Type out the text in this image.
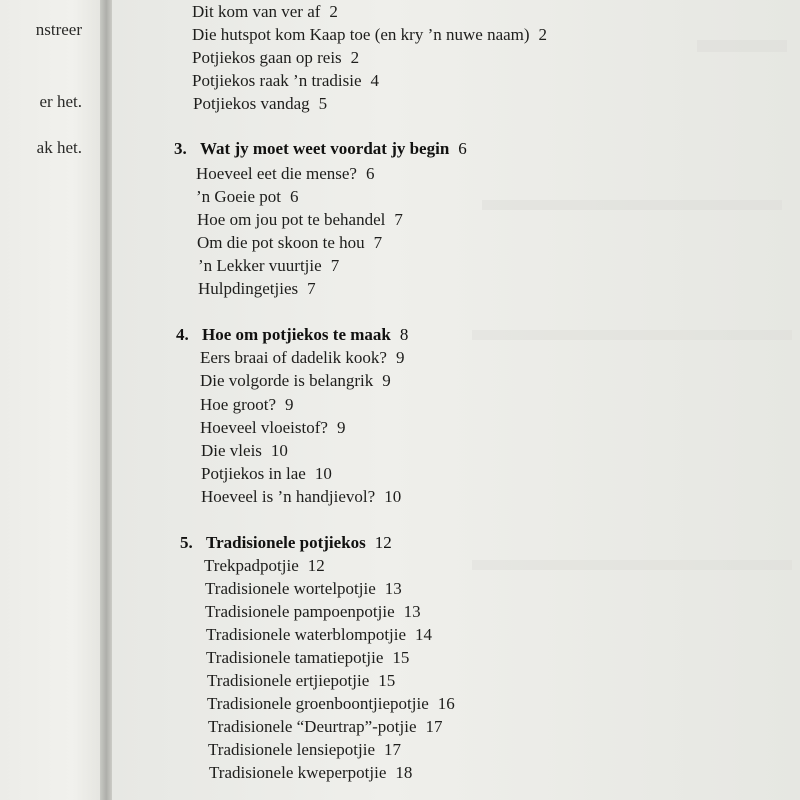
nstreer
er het.
ak het.
Dit kom van ver af 2
Die hutspot kom Kaap toe (en kry ’n nuwe naam) 2
Potjiekos gaan op reis 2
Potjiekos raak ’n tradisie 4
Potjiekos vandag 5
3. Wat jy moet weet voordat jy begin 6
Hoeveel eet die mense? 6
’n Goeie pot 6
Hoe om jou pot te behandel 7
Om die pot skoon te hou 7
’n Lekker vuurtjie 7
Hulpdingetjies 7
4. Hoe om potjiekos te maak 8
Eers braai of dadelik kook? 9
Die volgorde is belangrik 9
Hoe groot? 9
Hoeveel vloeistof? 9
Die vleis 10
Potjiekos in lae 10
Hoeveel is ’n handjievol? 10
5. Tradisionele potjiekos 12
Trekpadpotjie 12
Tradisionele wortelpotjie 13
Tradisionele pampoenpotjie 13
Tradisionele waterblompotjie 14
Tradisionele tamatiepotjie 15
Tradisionele ertjiepotjie 15
Tradisionele groenboontjiepotjie 16
Tradisionele “Deurtrap”-potjie 17
Tradisionele lensiepotjie 17
Tradisionele kweperpotjie 18
